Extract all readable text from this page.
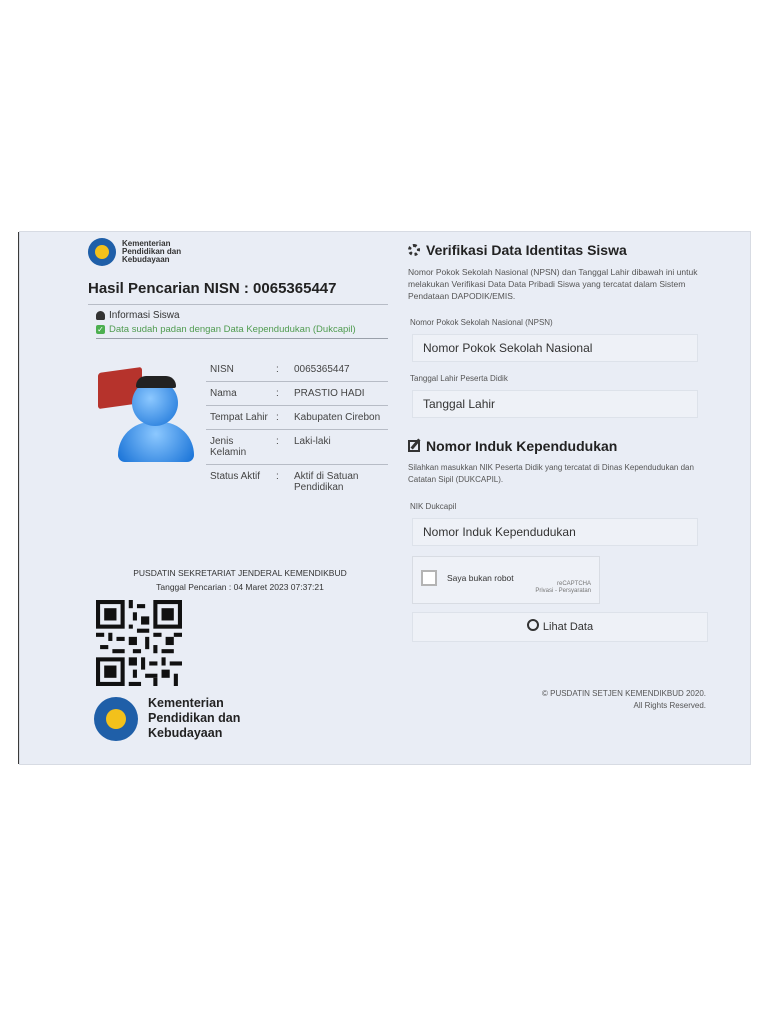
Kementerian Pendidikan dan Kebudayaan
Hasil Pencarian NISN : 0065365447
Informasi Siswa
✓ Data sudah padan dengan Data Kependudukan (Dukcapil)
NISN	:	0065365447
Nama	:	PRASTIO HADI
Tempat Lahir	:	Kabupaten Cirebon
Jenis Kelamin	:	Laki-laki
Status Aktif	:	Aktif di Satuan Pendidikan
PUSDATIN SEKRETARIAT JENDERAL KEMENDIKBUD
Tanggal Pencarian : 04 Maret 2023 07:37:21
Kementerian Pendidikan dan Kebudayaan
Verifikasi Data Identitas Siswa
Nomor Pokok Sekolah Nasional (NPSN) dan Tanggal Lahir dibawah ini untuk melakukan Verifikasi Data Data Pribadi Siswa yang tercatat dalam Sistem Pendataan DAPODIK/EMIS.
Nomor Pokok Sekolah Nasional (NPSN)
Nomor Pokok Sekolah Nasional
Tanggal Lahir Peserta Didik
Tanggal Lahir
Nomor Induk Kependudukan
Silahkan masukkan NIK Peserta Didik yang tercatat di Dinas Kependudukan dan Catatan Sipil (DUKCAPIL).
NIK Dukcapil
Nomor Induk Kependudukan
Saya bukan robot
reCAPTCHA
Privasi - Persyaratan
Lihat Data
© PUSDATIN SETJEN KEMENDIKBUD 2020.
All Rights Reserved.
